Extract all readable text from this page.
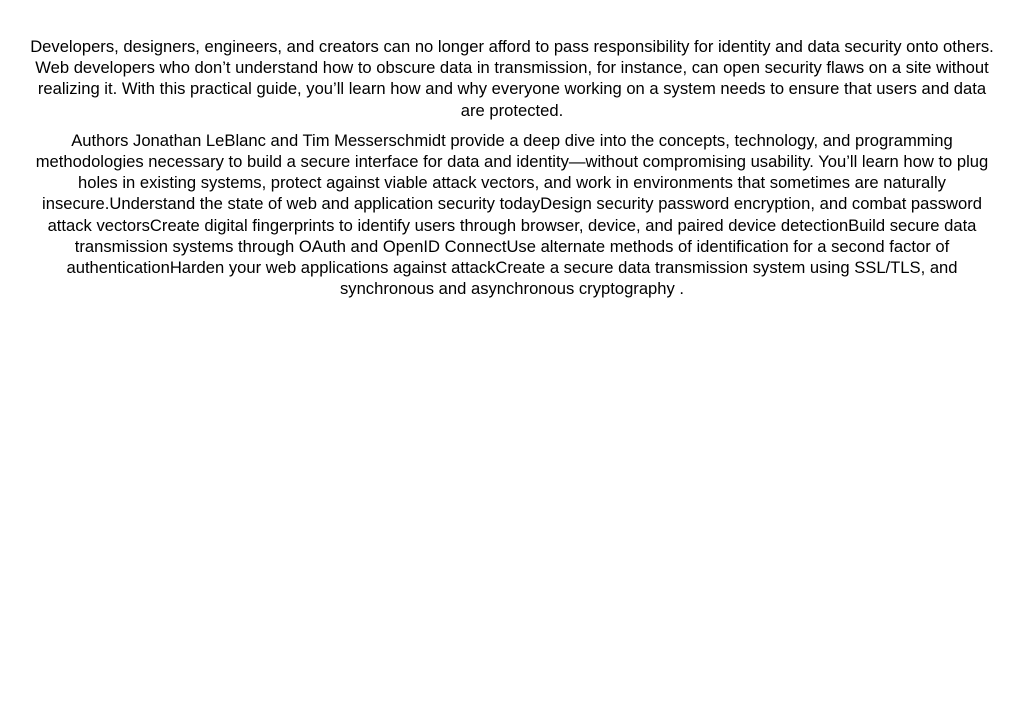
Developers, designers, engineers, and creators can no longer afford to pass responsibility for identity and data security onto others. Web developers who don’t understand how to obscure data in transmission, for instance, can open security flaws on a site without realizing it. With this practical guide, you’ll learn how and why everyone working on a system needs to ensure that users and data are protected.

Authors Jonathan LeBlanc and Tim Messerschmidt provide a deep dive into the concepts, technology, and programming methodologies necessary to build a secure interface for data and identity—without compromising usability. You’ll learn how to plug holes in existing systems, protect against viable attack vectors, and work in environments that sometimes are naturally insecure.Understand the state of web and application security todayDesign security password encryption, and combat password attack vectorsCreate digital fingerprints to identify users through browser, device, and paired device detectionBuild secure data transmission systems through OAuth and OpenID ConnectUse alternate methods of identification for a second factor of authenticationHarden your web applications against attackCreate a secure data transmission system using SSL/TLS, and synchronous and asynchronous cryptography .
